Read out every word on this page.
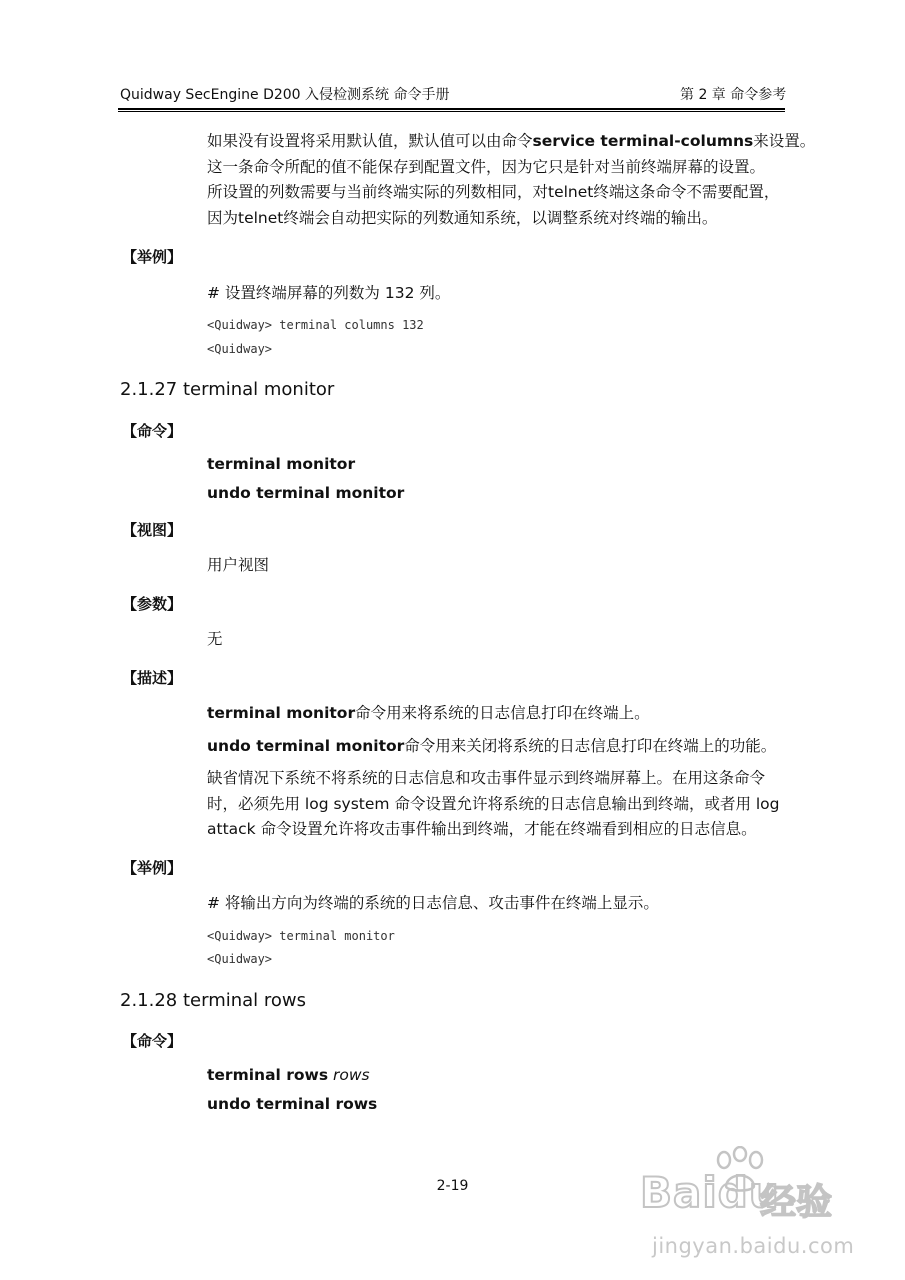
Quidway SecEngine D200 入侵检测系统 命令手册	第 2 章 命令参考
如果没有设置将采用默认值，默认值可以由命令service terminal-columns来设置。
这一条命令所配的值不能保存到配置文件，因为它只是针对当前终端屏幕的设置。
所设置的列数需要与当前终端实际的列数相同，对telnet终端这条命令不需要配置，
因为telnet终端会自动把实际的列数通知系统，以调整系统对终端的输出。
【举例】
# 设置终端屏幕的列数为 132 列。
<Quidway> terminal columns 132
<Quidway>
2.1.27 terminal monitor
【命令】
terminal monitor
undo terminal monitor
【视图】
用户视图
【参数】
无
【描述】
terminal monitor命令用来将系统的日志信息打印在终端上。
undo terminal monitor命令用来关闭将系统的日志信息打印在终端上的功能。
缺省情况下系统不将系统的日志信息和攻击事件显示到终端屏幕上。在用这条命令
时，必须先用 log system 命令设置允许将系统的日志信息输出到终端，或者用 log
attack 命令设置允许将攻击事件输出到终端，才能在终端看到相应的日志信息。
【举例】
# 将输出方向为终端的系统的日志信息、攻击事件在终端上显示。
<Quidway> terminal monitor
<Quidway>
2.1.28 terminal rows
【命令】
terminal rows rows
undo terminal rows
2-19	Baidu
经验
jingyan.baidu.com
